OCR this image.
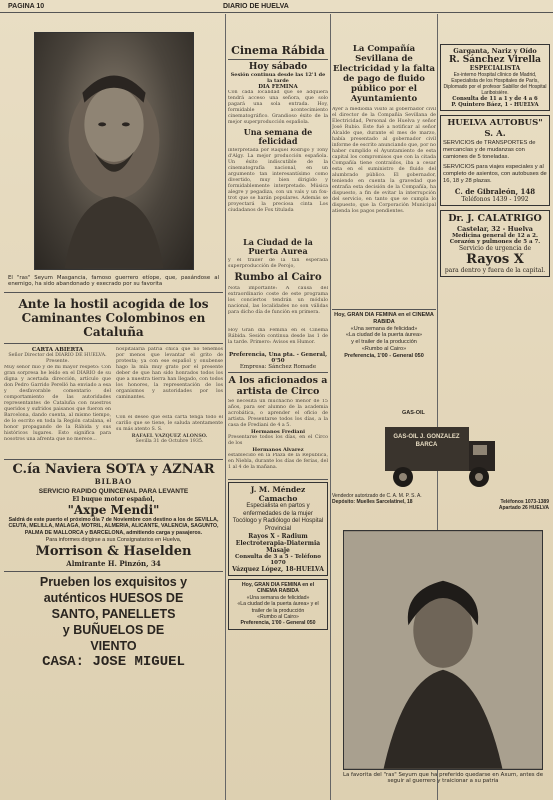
PAGINA 10	DIARIO DE HUELVA
El "ras" Seyum Masgancia, famoso guerrero etíope, que, pasándose al enemigo, ha sido abandonado y execrado por su favorita
Ante la hostil acogida de los Caminantes Colombinos en Cataluña
CARTA ABIERTA
Señor Director del DIARIO DE HUELVA.
Presente.
Muy señor mío y de mi mayor respeto: Con gran sorpresa he leído en el DIARIO de su digna y acertada dirección, artículo que don Pedro Garrido Perelló ha enviado a esa y desfavorable comentario del comportamiento de las autoridades representantes de Cataluña con nuestros queridos y sufridos paisanos que fueron en Barcelona, dando cuenta, al mismo tiempo, de lo escrito en toda la Región catalana, el honor propagando de la Rábida y sus históricos lugares. Esto significa para nosotros una afrenta que no merece...
hospitalaria patria chica que no tenemos por menos que levantar el grito de protesta; ya con ese español y onubense hago la mía muy grato por el presente deber de que han sido honrados todos los que a nuestra tierra han llegado, con todos los honores, la representación de los organismos y autoridades por los caminantes.
Con el deseo que esta carta tenga todo el cariño que se tiene, le saluda atentamente su más atento S. S.
RAFAEL VAZQUEZ ALONSO.
Sevilla 31 de Octubre 1935.
C.ía Naviera SOTA y AZNAR
BILBAO
SERVICIO RAPIDO QUINCENAL PARA LEVANTE
El buque motor español,
"Axpe Mendi"
Saldrá de este puerto el próximo día 7 de Noviembre con destino a los de SEVILLA, CEUTA, MELILLA, MALAGA, MOTRIL, ALMERIA, ALICANTE, VALENCIA, SAGUNTO, PALMA DE MALLORCA y BARCELONA, admitiendo carga y pasajeros.
Para informes dirigirse a sus Consignatarios en Huelva,
Morrison & Haselden
Almirante H. Pinzón, 34
Prueben los exquisitos y
auténticos HUESOS DE
SANTO, PANELLETS
y BUÑUELOS DE
VIENTO
CASA: JOSE MIGUEL
Cinema Rábida
Hoy sábado
Sesión continua desde las 12'1 de la tarde
DIA FEMINA
Con cada localidad que se adquiera tendrá acceso una señora, que solo pagará una sola entrada. Hoy, formidable acontecimiento cinematográfico. Grandioso éxito de la mejor superproducción española.
Una semana de felicidad
interpretada por Raquel Rodrigo y Tony d'Algy. La mejor producción española. Un éxito indiscutible de la cinematografía nacional, en un argumento tan interesantísimo como divertido, muy bien dirigido y formidablemente interpretado. Música alegre y pegadiza, con un vals y un fox-trot que se harán populares. Además se proyectará la preciosa cinta Los ciudadanos de Fox titulada
La Ciudad de la Puerta Aurea
y el trailer de la tan esperada superproducción de Perojo,
Rumbo al Cairo
Nota importante: A causa del extraordinario coste de este programa los conciertos tendrán un módulo nacional, las localidades no son válidas para dicho día de función en primera.
Hoy Gran día Fémina en el Cinema Rábida. Sesión continua desde las 1 de la tarde. Primero: Avisos en Humor.
Preferencia, Una pta. - General, 0'50
Empresa: Sánchez Romade
A los aficionados a artista de Circo
Se necesita un muchacho menor de 15 años, para ser alumno de la academia acrobática, o aprender el oficio de artista. Presentarse todos los días, a la casa de Frediani de 4 a 5.
Hermanos Frediani
Presentarse todos los días, en el Circo de los
Hermanos Alvarez
establecido en la Plaza de la República, en Niebla, durante los días de ferias, del 1 al 4 de la mañana.
J. M. Méndez Camacho
Especialista en partos y enfermedades de la mujer Tocólogo y Radiólogo del Hospital Provincial
Rayos X - Radium
Electroterapia-Diatermia Masaje
Consulta de 3 a 5 - Teléfono 1070
Vázquez López, 18-HUELVA
Hoy, GRAN DIA FEMINA en el CINEMA RABIDA
«Una semana de felicidad»
«La ciudad de la puerta áurea» y el trailer de la producción
«Rumbo al Cairo»
Preferencia, 1'00 - General 050
La Compañía Sevillana de Electricidad y la falta de pago de fluido público por el Ayuntamiento
Ayer a mediodía visitó al gobernador civil el director de la Compañía Sevillana de Electricidad, Personal de Huelva y señor José Rubio. Este fué a notificar al señor Alcalde que, durante el mes de marzo, había presentado al gobernador civil informe de escrito anunciando que, por no haber cumplido el Ayuntamiento de esta capital los compromisos que con la citada Compañía tiene contraídos, iba a cesar esta en el suministro de fluido del alumbrado público. El gobernador, teniendo en cuenta la gravedad que entraña esta decisión de la Compañía, ha dispuesto, a fin de evitar la interrupción del servicio, en tanto que se cumpla lo dispuesto, que la Corporación Municipal atienda los pagos pendientes.
Hoy, GRAN DIA FEMINA en el CINEMA RABIDA
«Una semana de felicidad»
«La ciudad de la puerta áurea»
y el trailer de la producción
«Rumbo al Cairo»
Preferencia, 1'00 - General 050
GAS-OIL
GAS-OIL J. GONZALEZ BARCA
Vendedor autorizado de C. A. M. P. S. A.
Depósito: Muelles Sarcelatinel, 18	Teléfonos 1073-1389
Apartado 26 HUELVA
La favorita del "ras" Seyum que ha preferido quedarse en Axum, antes de seguir al guerrero y traicionar a su patria
Garganta, Nariz y Oído
R. Sánchez Virella
ESPECIALISTA
Ex-interno Hospital clínico de Madrid, Especialista de los Hospitales de París, Diplomado por el profesor Sabillor del Hospital Lariboisière.
Consulta de 11 a 1 y de 4 a 6
P. Quintero Báez, 1 - HUELVA
HUELVA AUTOBUS" S. A.
SERVICIOS de TRANSPORTES de mercancías y de mudanzas con camiones de 5 toneladas.
SERVICIOS para viajes especiales y al completo de asientos, con autobuses de 16, 18 y 28 plazas.
C. de Gibraleón, 148
Teléfonos 1439 - 1992
Dr. J. CALATRIGO
Castelar, 32 - Huelva
Medicina general de 12 a 2.
Corazón y pulmones de 5 a 7.
Servicio de urgencia de
Rayos X
para dentro y fuera de la capital.
